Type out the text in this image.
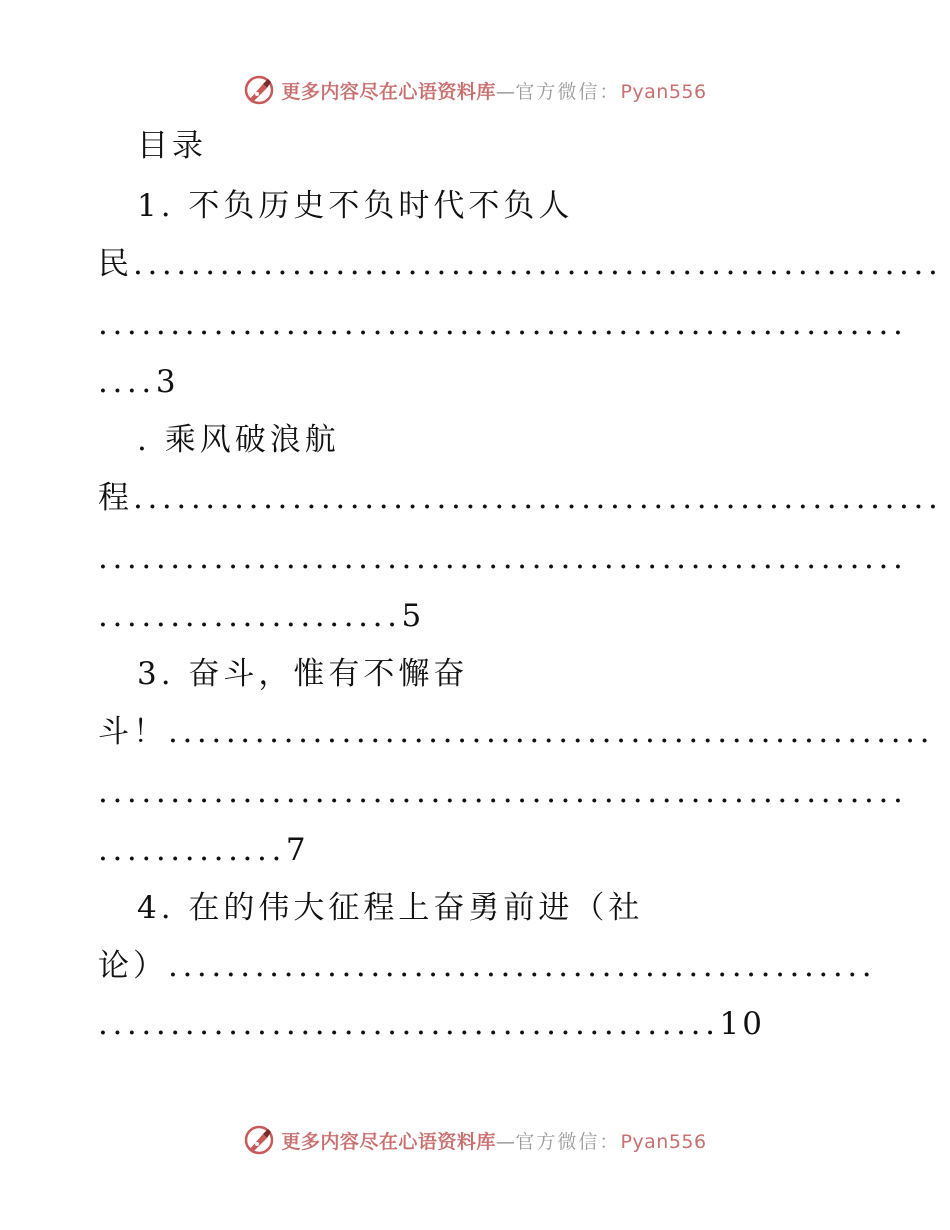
更多内容尽在心语资料库—官方微信：Pyan556
目录
1. 不负历史不负时代不负人
民........................................................
........................................................
....3
. 乘风破浪航
程........................................................
........................................................
.....................5
3. 奋斗，惟有不懈奋
斗！.....................................................
........................................................
.............7
4. 在的伟大征程上奋勇前进（社
论）.................................................
...........................................10
更多内容尽在心语资料库—官方微信：Pyan556
